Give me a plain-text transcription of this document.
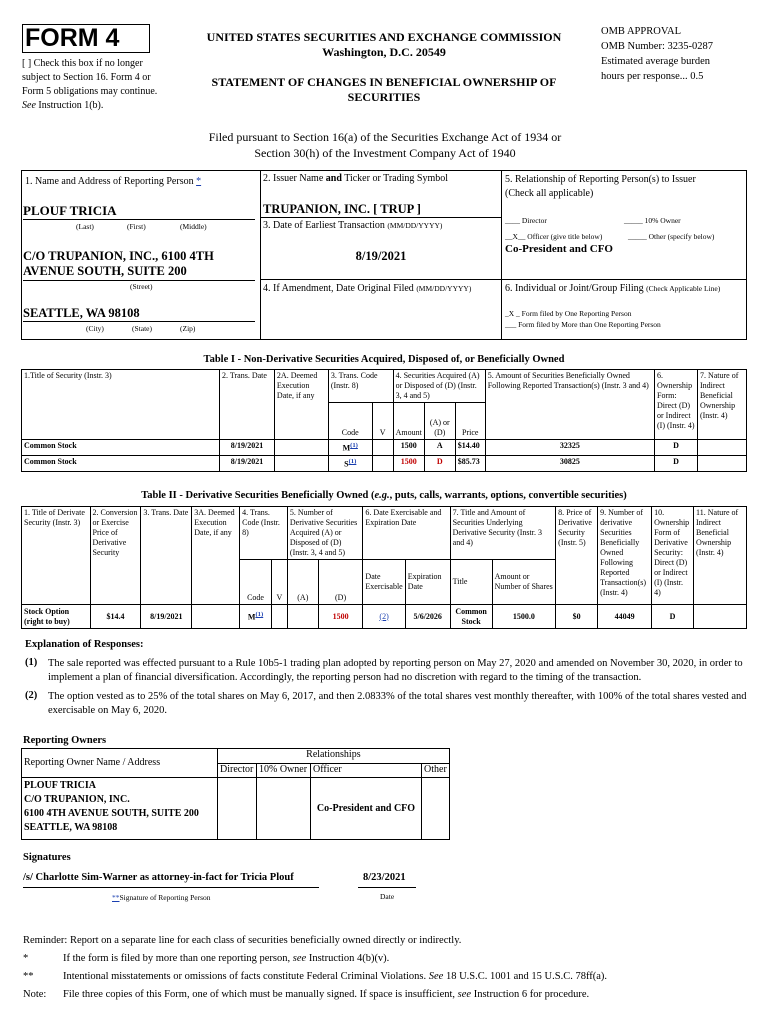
FORM 4
[ ] Check this box if no longer subject to Section 16. Form 4 or Form 5 obligations may continue. See Instruction 1(b).
UNITED STATES SECURITIES AND EXCHANGE COMMISSION
Washington, D.C. 20549
STATEMENT OF CHANGES IN BENEFICIAL OWNERSHIP OF SECURITIES
OMB APPROVAL
OMB Number: 3235-0287
Estimated average burden
hours per response... 0.5
Filed pursuant to Section 16(a) of the Securities Exchange Act of 1934 or
Section 30(h) of the Investment Company Act of 1940
1. Name and Address of Reporting Person *
PLOUF TRICIA
(Last)	(First)	(Middle)
C/O TRUPANION, INC., 6100 4TH
AVENUE SOUTH, SUITE 200
(Street)
SEATTLE, WA 98108
(City)	(State)	(Zip)
2. Issuer Name and Ticker or Trading Symbol
TRUPANION, INC. [ TRUP ]
3. Date of Earliest Transaction (MM/DD/YYYY)
8/19/2021
4. If Amendment, Date Original Filed (MM/DD/YYYY)
5. Relationship of Reporting Person(s) to Issuer
(Check all applicable)
____ Director	_____ 10% Owner
__X__ Officer (give title below)	_____ Other (specify below)
Co-President and CFO
6. Individual or Joint/Group Filing (Check Applicable Line)
_X _ Form filed by One Reporting Person
___ Form filed by More than One Reporting Person
Table I - Non-Derivative Securities Acquired, Disposed of, or Beneficially Owned
1.Title of Security (Instr. 3)	2. Trans. Date	2A. Deemed Execution Date, if any	3. Trans. Code (Instr. 8)		4. Securities Acquired (A) or Disposed of (D) (Instr. 3, 4 and 5)			5. Amount of Securities Beneficially Owned Following Reported Transaction(s) (Instr. 3 and 4)	6. Ownership Form: Direct (D) or Indirect (I) (Instr. 4)	7. Nature of Indirect Beneficial Ownership (Instr. 4)
			Code	V	Amount	(A) or (D)	Price			
Common Stock	8/19/2021		$M^{(1)}$		1500	A	$14.40	32325	D	
Common Stock	8/19/2021		$S^{(1)}$		1500	D	$85.73	30825	D	
Table II - Derivative Securities Beneficially Owned (e.g., puts, calls, warrants, options, convertible securities)
1. Title of Derivate Security (Instr. 3)	2. Conversion or Exercise Price of Derivative Security	3. Trans. Date	3A. Deemed Execution Date, if any	4. Trans. Code (Instr. 8)		5. Number of Derivative Securities Acquired (A) or Disposed of (D) (Instr. 3, 4 and 5)		6. Date Exercisable and Expiration Date		7. Title and Amount of Securities Underlying Derivative Security (Instr. 3 and 4)		8. Price of Derivative Security (Instr. 5)	9. Number of derivative Securities Beneficially Owned Following Reported Transaction(s) (Instr. 4)	10. Ownership Form of Derivative Security: Direct (D) or Indirect (I) (Instr. 4)	11. Nature of Indirect Beneficial Ownership (Instr. 4)
				Code	V	(A)	(D)	Date Exercisable	Expiration Date	Title	Amount or Number of Shares				
Stock Option (right to buy)	$14.4	8/19/2021		$M^{(1)}$			1500	(2)	5/6/2026	Common Stock	1500.0	$0	44049	D	
Explanation of Responses:
(1) The sale reported was effected pursuant to a Rule 10b5-1 trading plan adopted by reporting person on May 27, 2020 and amended on November 30, 2020, in order to implement a plan of financial diversification. Accordingly, the reporting person had no discretion with regard to the timing of the transaction.
(2) The option vested as to 25% of the total shares on May 6, 2017, and then 2.0833% of the total shares vest monthly thereafter, with 100% of the total shares vested and exercisable on May 6, 2020.
Reporting Owners
Reporting Owner Name / Address	Relationships			
	Director	10% Owner	Officer	Other

PLOUF TRICIA
C/O TRUPANION, INC.
6100 4TH AVENUE SOUTH, SUITE 200
SEATTLE, WA 98108			Co-President and CFO	
Signatures
/s/ Charlotte Sim-Warner as attorney-in-fact for Tricia Plouf	8/23/2021
**Signature of Reporting Person	Date
Reminder: Report on a separate line for each class of securities beneficially owned directly or indirectly.
*	If the form is filed by more than one reporting person, see Instruction 4(b)(v).
**	Intentional misstatements or omissions of facts constitute Federal Criminal Violations. See 18 U.S.C. 1001 and 15 U.S.C. 78ff(a).
Note: File three copies of this Form, one of which must be manually signed. If space is insufficient, see Instruction 6 for procedure.
